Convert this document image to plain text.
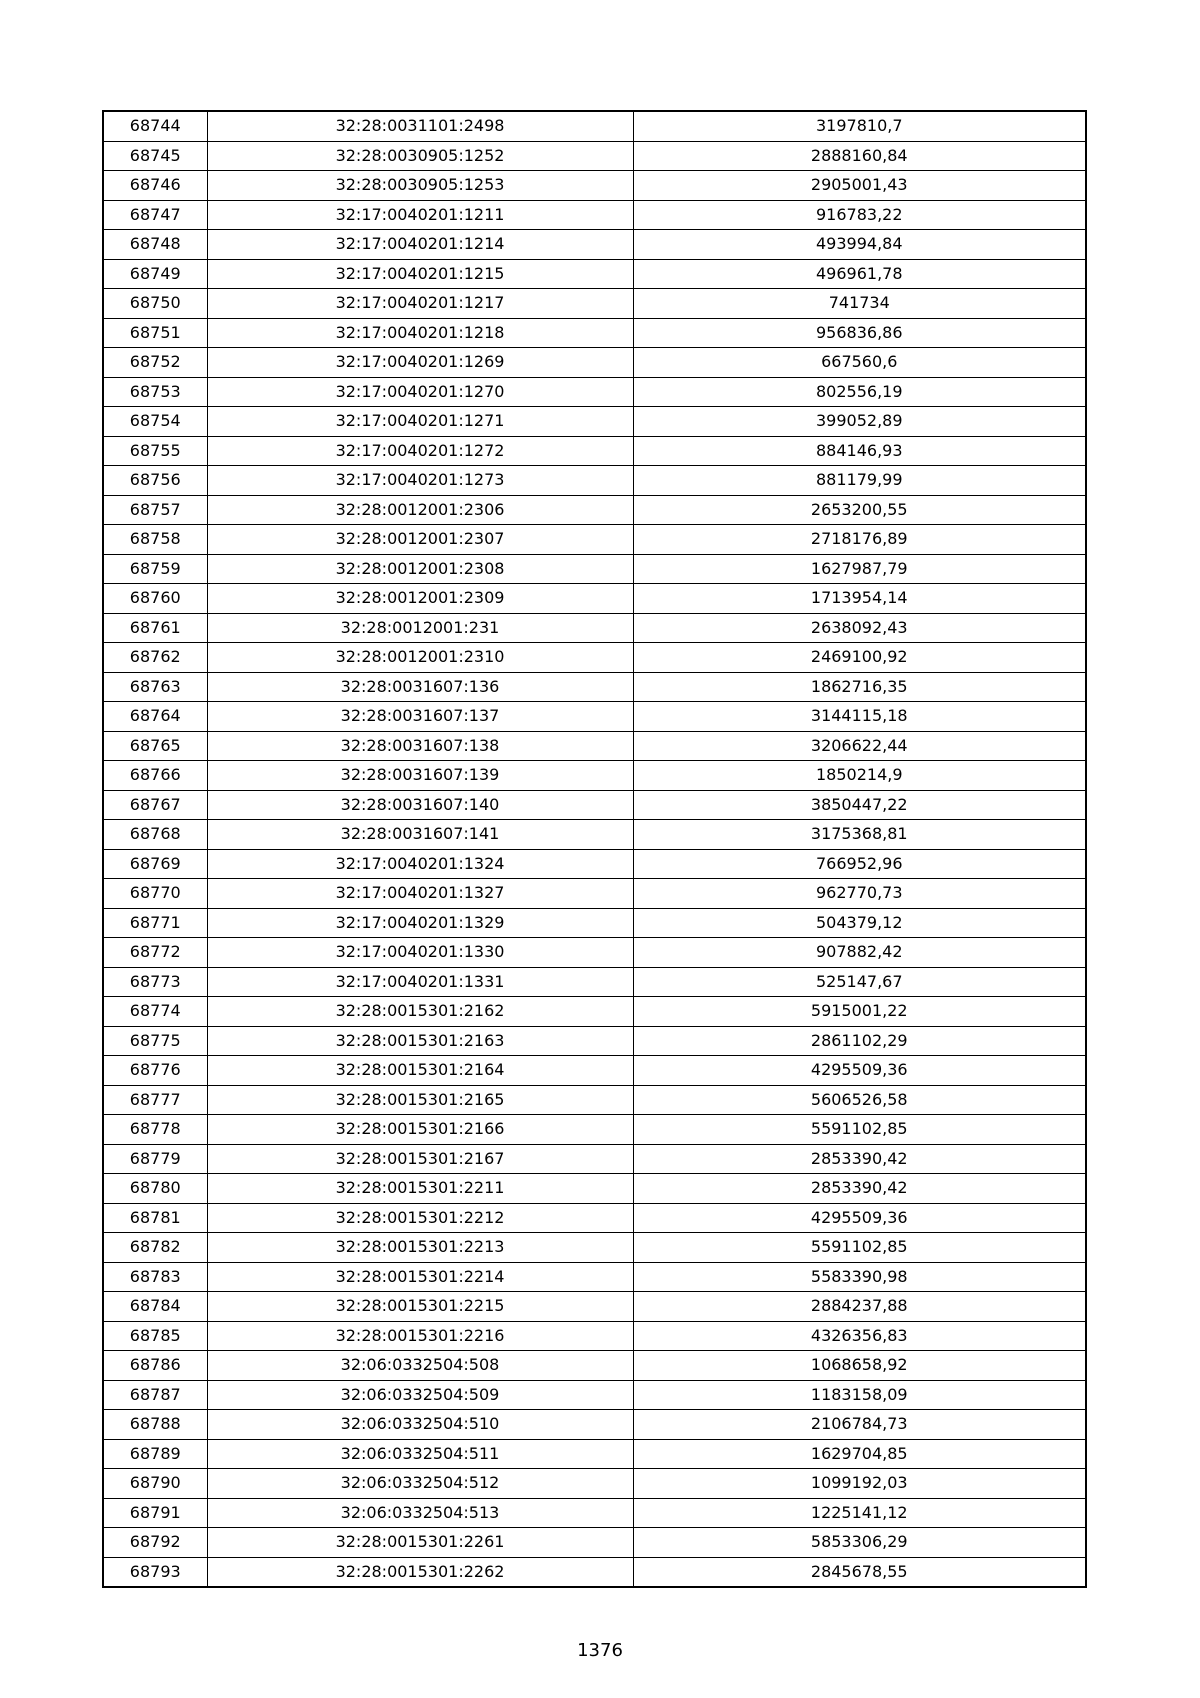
68744	32:28:0031101:2498	3197810,7
68745	32:28:0030905:1252	2888160,84
68746	32:28:0030905:1253	2905001,43
68747	32:17:0040201:1211	916783,22
68748	32:17:0040201:1214	493994,84
68749	32:17:0040201:1215	496961,78
68750	32:17:0040201:1217	741734
68751	32:17:0040201:1218	956836,86
68752	32:17:0040201:1269	667560,6
68753	32:17:0040201:1270	802556,19
68754	32:17:0040201:1271	399052,89
68755	32:17:0040201:1272	884146,93
68756	32:17:0040201:1273	881179,99
68757	32:28:0012001:2306	2653200,55
68758	32:28:0012001:2307	2718176,89
68759	32:28:0012001:2308	1627987,79
68760	32:28:0012001:2309	1713954,14
68761	32:28:0012001:231	2638092,43
68762	32:28:0012001:2310	2469100,92
68763	32:28:0031607:136	1862716,35
68764	32:28:0031607:137	3144115,18
68765	32:28:0031607:138	3206622,44
68766	32:28:0031607:139	1850214,9
68767	32:28:0031607:140	3850447,22
68768	32:28:0031607:141	3175368,81
68769	32:17:0040201:1324	766952,96
68770	32:17:0040201:1327	962770,73
68771	32:17:0040201:1329	504379,12
68772	32:17:0040201:1330	907882,42
68773	32:17:0040201:1331	525147,67
68774	32:28:0015301:2162	5915001,22
68775	32:28:0015301:2163	2861102,29
68776	32:28:0015301:2164	4295509,36
68777	32:28:0015301:2165	5606526,58
68778	32:28:0015301:2166	5591102,85
68779	32:28:0015301:2167	2853390,42
68780	32:28:0015301:2211	2853390,42
68781	32:28:0015301:2212	4295509,36
68782	32:28:0015301:2213	5591102,85
68783	32:28:0015301:2214	5583390,98
68784	32:28:0015301:2215	2884237,88
68785	32:28:0015301:2216	4326356,83
68786	32:06:0332504:508	1068658,92
68787	32:06:0332504:509	1183158,09
68788	32:06:0332504:510	2106784,73
68789	32:06:0332504:511	1629704,85
68790	32:06:0332504:512	1099192,03
68791	32:06:0332504:513	1225141,12
68792	32:28:0015301:2261	5853306,29
68793	32:28:0015301:2262	2845678,55
1376
